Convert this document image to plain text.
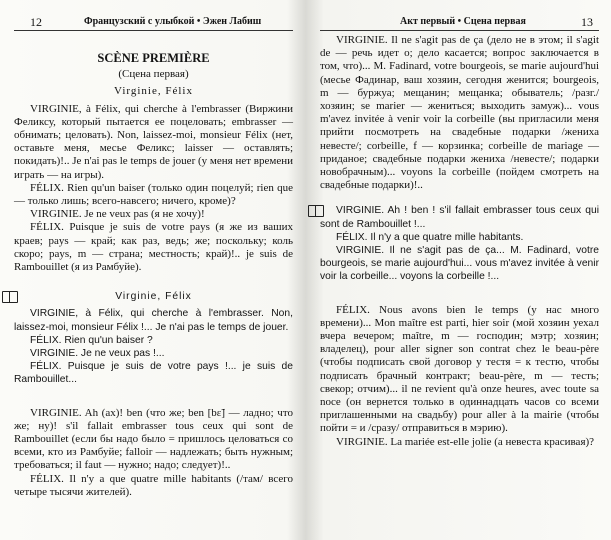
12	Французский с улыбкой • Эжен Лабиш

SCÈNE PREMIÈRE

(Сцена первая)

Virginie, Félix

VIRGINIE, à Félix, qui cherche à l'embrasser (Виржини Феликсу, который пытается ее поцеловать; embrasser — обнимать; целовать). Non, laissez-moi, monsieur Félix (нет, оставьте меня, месье Феликс; laisser — оставлять; покидать)!.. Je n'ai pas le temps de jouer (у меня нет времени играть — на игры).

FÉLIX. Rien qu'un baiser (только один поцелуй; rien que — только лишь; всего-навсего; ничего, кроме)?

VIRGINIE. Je ne veux pas (я не хочу)!

FÉLIX. Puisque je suis de votre pays (я же из ваших краев; pays — край; как раз, ведь; же; поскольку; коль скоро; pays, m — страна; местность; край)!.. je suis de Rambouillet (я из Рамбуйе).

Virginie, Félix

VIRGINIE, à Félix, qui cherche à l'embrasser. Non, laissez-moi, monsieur Félix !... Je n'ai pas le temps de jouer.

FÉLIX. Rien qu'un baiser ?

VIRGINIE. Je ne veux pas !...

FÉLIX. Puisque je suis de votre pays !... je suis de Rambouillet...

VIRGINIE. Ah (ах)! ben (что же; ben [bɛ̃] — ладно; что же; ну)! s'il fallait embrasser tous ceux qui sont de Rambouillet (если бы надо было = пришлось целоваться со всеми, кто из Рамбуйе; falloir — надлежать; быть нужным; требоваться; il faut — нужно; надо; следует)!..

FÉLIX. Il n'y a que quatre mille habitants (/там/ всего четыре тысячи жителей).

Акт первый • Сцена первая	13

VIRGINIE. Il ne s'agit pas de ça (дело не в этом; il s'agit de — речь идет о; дело касается; вопрос заключается в том, что)... M. Fadinard, votre bourgeois, se marie aujourd'hui (месье Фадинар, ваш хозяин, сегодня женится; bourgeois, m — буржуа; мещанин; мещанка; обыватель; /разг./ хозяин; se marier — жениться; выходить замуж)... vous m'avez invitée à venir voir la corbeille (вы пригласили меня прийти посмотреть на свадебные подарки /жениха невесте/; corbeille, f — корзинка; corbeille de mariage — приданое; свадебные подарки жениха /невесте/; подарки новобрачным)... voyons la corbeille (пойдем смотреть на свадебные подарки)!..

VIRGINIE. Ah ! ben ! s'il fallait embrasser tous ceux qui sont de Rambouillet !...

FÉLIX. Il n'y a que quatre mille habitants.

VIRGINIE. Il ne s'agit pas de ça... M. Fadinard, votre bourgeois, se marie aujourd'hui... vous m'avez invitée à venir voir la corbeille... voyons la corbeille !...

FÉLIX. Nous avons bien le temps (у нас много времени)... Mon maître est parti, hier soir (мой хозяин уехал вчера вечером; maître, m — господин; мэтр; хозяин; владелец), pour aller signer son contrat chez le beau-père (чтобы подписать свой договор у тестя = к тестю, чтобы подписать брачный контракт; beau-père, m — тесть; свекор; отчим)... il ne revient qu'à onze heures, avec toute sa noce (он вернется только в одиннадцать часов со всеми приглашенными на свадьбу) pour aller à la mairie (чтобы пойти = и /сразу/ отправиться в мэрию).

VIRGINIE. La mariée est-elle jolie (а невеста красивая)?
